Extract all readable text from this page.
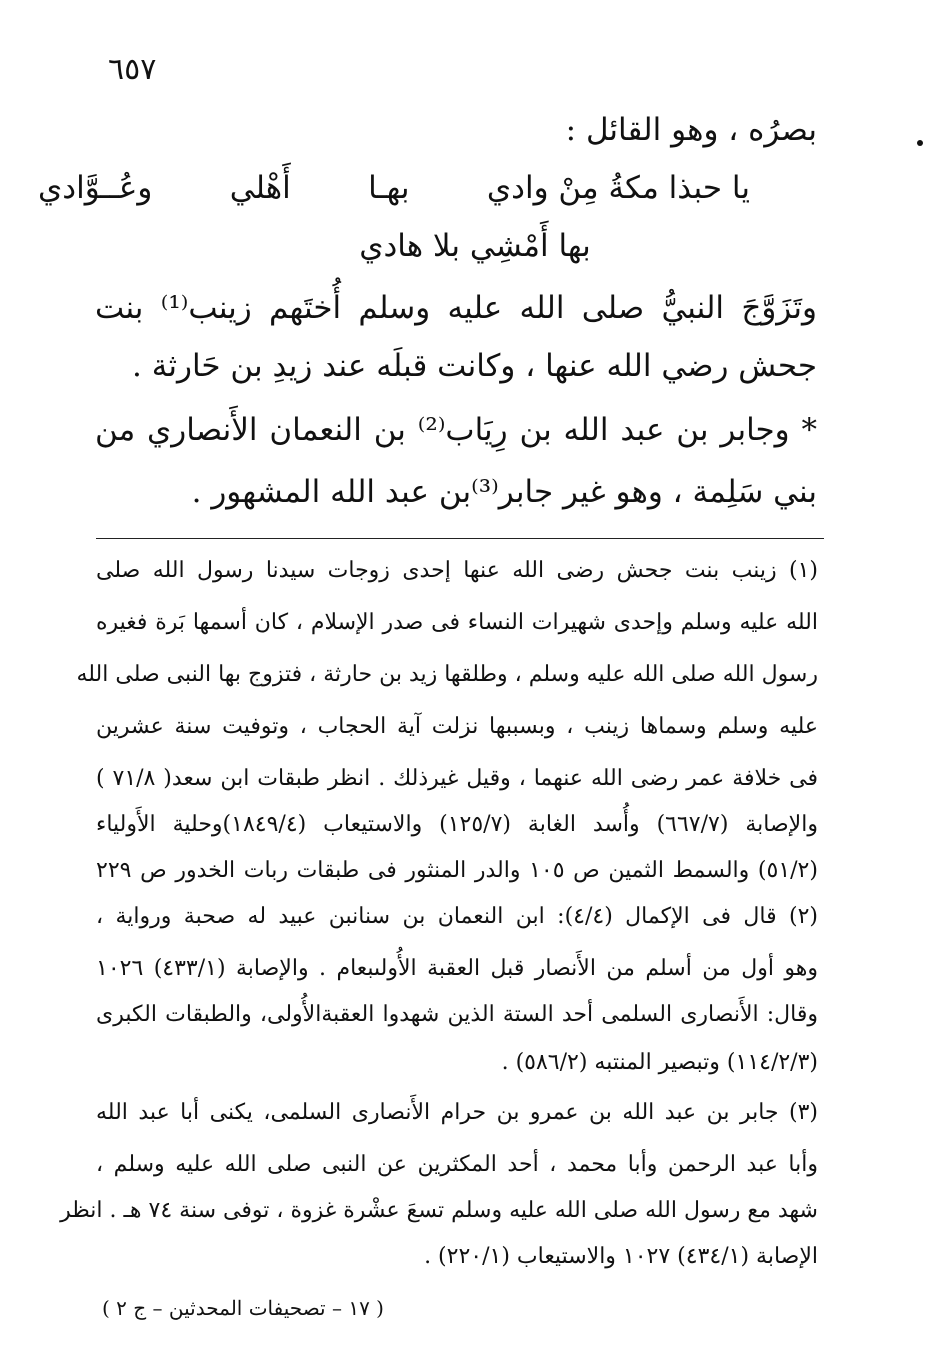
٦٥٧
بصرُه ، وهو القائل :
يا حبذا مكةُ مِنْ وادي
بهـا
أَهْلي
وعُــوَّادي
بها أَمْشِي بلا هادي
وتَزَوَّجَ النبيُّ صلى الله عليه وسلم أُختَهم زينب⁽¹⁾ بنت
جحش رضي الله عنها ، وكانت قبلَه عند زيدِ بن حَارثة .
* وجابر بن عبد الله بن رِيَاب⁽²⁾ بن النعمان الأَنصاري من
بني سَلِمة ، وهو غير جابر⁽³⁾بن عبد الله المشهور .
(١) زينب بنت جحش رضى الله عنها إحدى زوجات سيدنا رسول الله صلى
الله عليه وسلم وإحدى شهيرات النساء فى صدر الإسلام ، كان أسمها بَرة فغيره
رسول الله صلى الله عليه وسلم ، وطلقها زيد بن حارثة ، فتزوج بها النبى صلى الله
عليه وسلم وسماها زينب ، وبسببها نزلت آية الحجاب ، وتوفيت سنة عشرين
فى خلافة عمر رضى الله عنهما ، وقيل غيرذلك . انظر طبقات ابن سعد( ٧١/٨ )
والإصابة (٦٦٧/٧) وأُسد الغابة (١٢٥/٧) والاستيعاب (١٨٤٩/٤)وحلية الأَولياء
(٥١/٢) والسمط الثمين ص ١٠٥ والدر المنثور فى طبقات ربات الخدور ص ٢٢٩
(٢) قال فى الإكمال (٤/٤): ابن النعمان بن سنانبن عبيد له صحبة ورواية ،
وهو أول من أسلم من الأَنصار قبل العقبة الأُولىبعام . والإصابة (٤٣٣/١) ١٠٢٦
وقال: الأَنصارى السلمى أحد الستة الذين شهدوا العقبةالأُولى، والطبقات الكبرى
(١١٤/٢/٣) وتبصير المنتبه (٥٨٦/٢) .
(٣) جابر بن عبد الله بن عمرو بن حرام الأَنصارى السلمى، يكنى أبا عبد الله
وأبا عبد الرحمن وأبا محمد ، أحد المكثرين عن النبى صلى الله عليه وسلم ،
شهد مع رسول الله صلى الله عليه وسلم تسعَ عشْرة غزوة ، توفى سنة ٧٤ هـ . انظر
الإصابة (٤٣٤/١) ١٠٢٧ والاستيعاب (٢٢٠/١) .
( ١٧ – تصحيفات المحدثين – ج ٢ )
